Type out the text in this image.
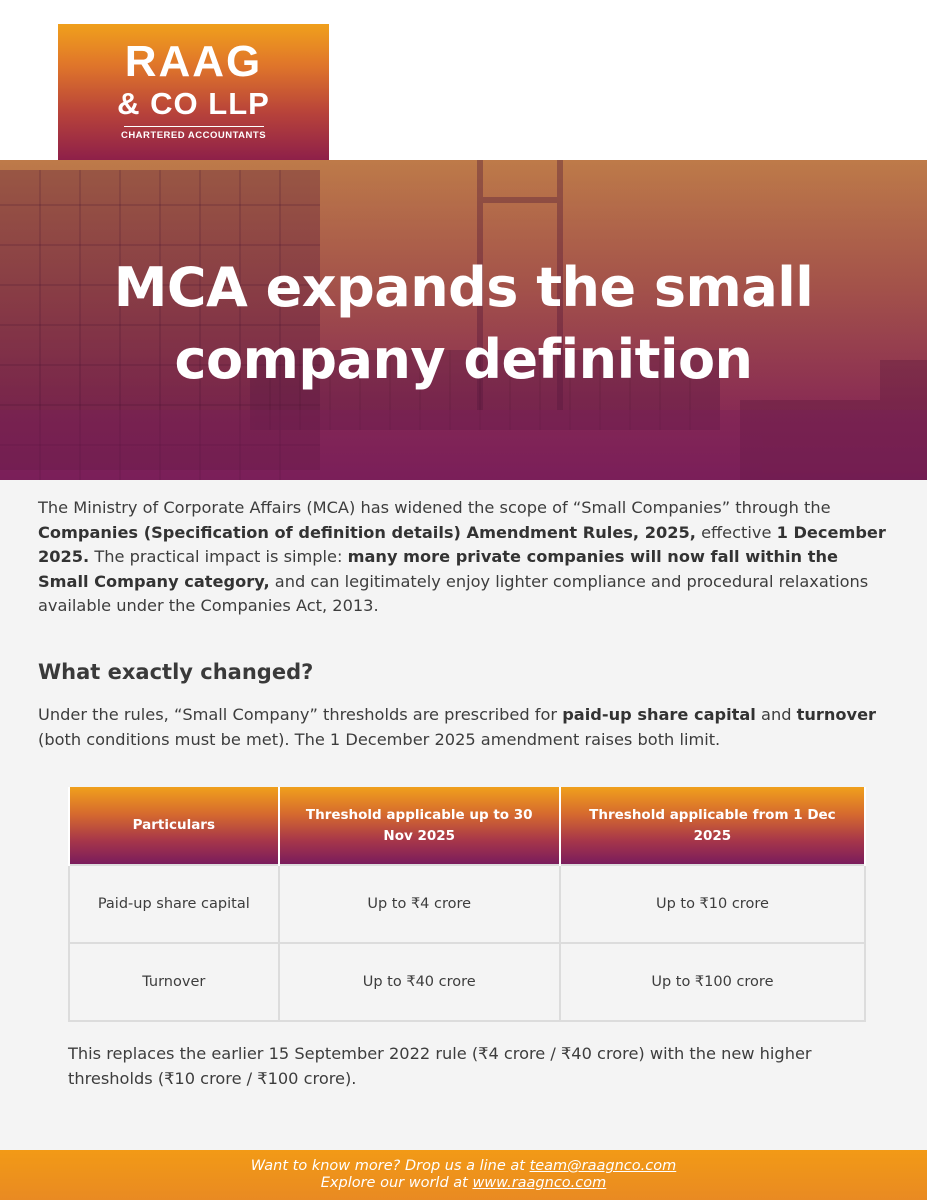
RAAG
& CO LLP
CHARTERED ACCOUNTANTS
MCA expands the small
company definition

The Ministry of Corporate Affairs (MCA) has widened the scope of “Small Companies” through the Companies (Specification of definition details) Amendment Rules, 2025, effective 1 December 2025. The practical impact is simple: many more private companies will now fall within the Small Company category, and can legitimately enjoy lighter compliance and procedural relaxations available under the Companies Act, 2013.

What exactly changed?

Under the rules, “Small Company” thresholds are prescribed for paid-up share capital and turnover (both conditions must be met). The 1 December 2025 amendment raises both limit.

Particulars	Threshold applicable up to 30 Nov 2025	Threshold applicable from 1 Dec 2025
Paid-up share capital	Up to ₹4 crore	Up to ₹10 crore
Turnover	Up to ₹40 crore	Up to ₹100 crore

This replaces the earlier 15 September 2022 rule (₹4 crore / ₹40 crore) with the new higher thresholds (₹10 crore / ₹100 crore).

Want to know more? Drop us a line at team@raagnco.com
Explore our world at www.raagnco.com
